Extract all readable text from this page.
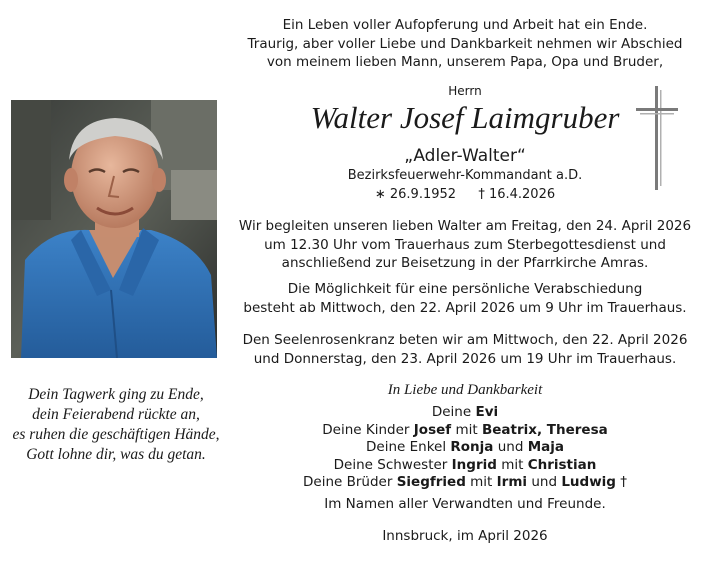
Ein Leben voller Aufopferung und Arbeit hat ein Ende.
Traurig, aber voller Liebe und Dankbarkeit nehmen wir Abschied
von meinem lieben Mann, unserem Papa, Opa und Bruder,
Herrn
Walter Josef Laimgruber
„Adler-Walter“
Bezirksfeuerwehr-Kommandant a.D.
∗ 26.9.1952 † 16.4.2026
Wir begleiten unseren lieben Walter am Freitag, den 24. April 2026
um 12.30 Uhr vom Trauerhaus zum Sterbegottesdienst und
anschließend zur Beisetzung in der Pfarrkirche Amras.
Die Möglichkeit für eine persönliche Verabschiedung
besteht ab Mittwoch, den 22. April 2026 um 9 Uhr im Trauerhaus.
Den Seelenrosenkranz beten wir am Mittwoch, den 22. April 2026
und Donnerstag, den 23. April 2026 um 19 Uhr im Trauerhaus.
In Liebe und Dankbarkeit
Deine Evi
Deine Kinder Josef mit Beatrix, Theresa
Deine Enkel Ronja und Maja
Deine Schwester Ingrid mit Christian
Deine Brüder Siegfried mit Irmi und Ludwig †
Im Namen aller Verwandten und Freunde.
Innsbruck, im April 2026
Dein Tagwerk ging zu Ende,
dein Feierabend rückte an,
es ruhen die geschäftigen Hände,
Gott lohne dir, was du getan.
